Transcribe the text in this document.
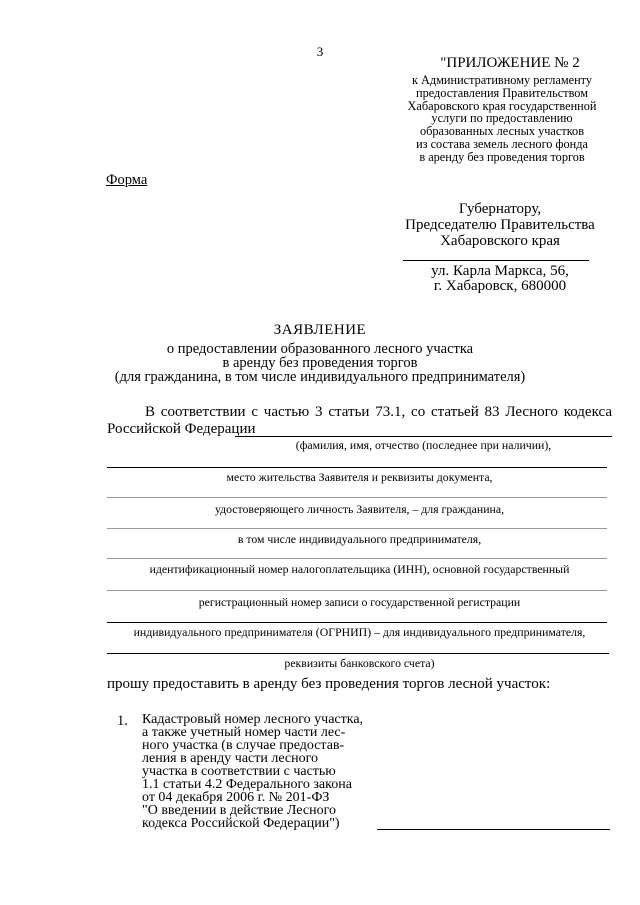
3
"ПРИЛОЖЕНИЕ № 2
к Административному регламенту
предоставления Правительством
Хабаровского края государственной
услуги по предоставлению
образованных лесных участков
из состава земель лесного фонда
в аренду без проведения торгов
Форма
Губернатору,
Председателю Правительства
Хабаровского края
ул. Карла Маркса, 56,
г. Хабаровск, 680000
ЗАЯВЛЕНИЕ
о предоставлении образованного лесного участка
в аренду без проведения торгов
(для гражданина, в том числе индивидуального предпринимателя)
В соответствии с частью 3 статьи 73.1, со статьей 83 Лесного кодекса
Российской Федерации
(фамилия, имя, отчество (последнее при наличии),
место жительства Заявителя и реквизиты документа,
удостоверяющего личность Заявителя, – для гражданина,
в том числе индивидуального предпринимателя,
идентификационный номер налогоплательщика (ИНН), основной государственный
регистрационный номер записи о государственной регистрации
индивидуального предпринимателя (ОГРНИП) – для индивидуального предпринимателя,
реквизиты банковского счета)
прошу предоставить в аренду без проведения торгов лесной участок:
1. Кадастровый номер лесного участка,
а также учетный номер части лес-
ного участка (в случае предостав-
ления в аренду части лесного
участка в соответствии с частью
1.1 статьи 4.2 Федерального закона
от 04 декабря 2006 г. № 201-ФЗ
"О введении в действие Лесного
кодекса Российской Федерации")
